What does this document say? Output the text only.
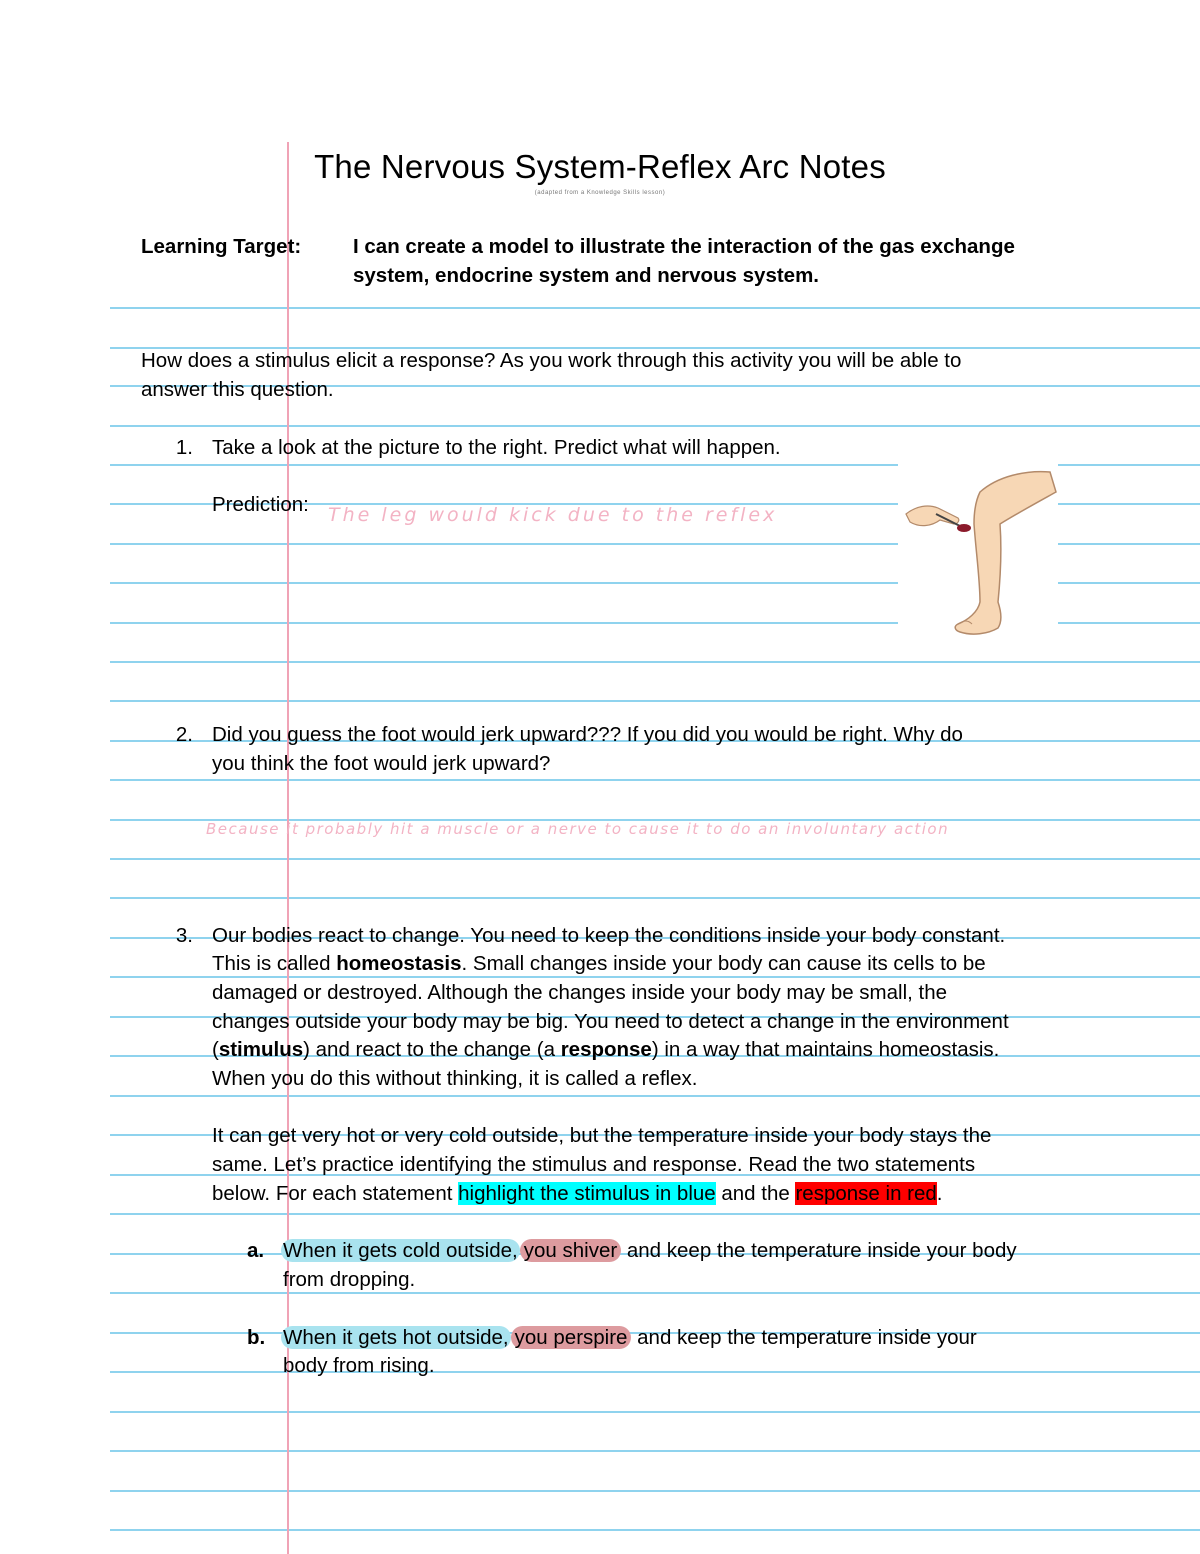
The Nervous System-Reflex Arc Notes
(adapted from a Knowledge Skills lesson)
Learning Target:	I can create a model to illustrate the interaction of the gas exchange
system, endocrine system and nervous system.
How does a stimulus elicit a response? As you work through this activity you will be able to
answer this question.
1. Take a look at the picture to the right. Predict what will happen.
Prediction: The leg would kick due to the reflex
2. Did you guess the foot would jerk upward??? If you did you would be right. Why do
you think the foot would jerk upward?
Because it probably hit a muscle or a nerve to cause it to do an involuntary action
3. Our bodies react to change. You need to keep the conditions inside your body constant.
This is called homeostasis. Small changes inside your body can cause its cells to be
damaged or destroyed. Although the changes inside your body may be small, the
changes outside your body may be big. You need to detect a change in the environment
(stimulus) and react to the change (a response) in a way that maintains homeostasis.
When you do this without thinking, it is called a reflex.
It can get very hot or very cold outside, but the temperature inside your body stays the
same. Let’s practice identifying the stimulus and response. Read the two statements
below. For each statement highlight the stimulus in blue and the response in red.
a. When it gets cold outside, you shiver and keep the temperature inside your body
from dropping.
b. When it gets hot outside, you perspire and keep the temperature inside your
body from rising.
